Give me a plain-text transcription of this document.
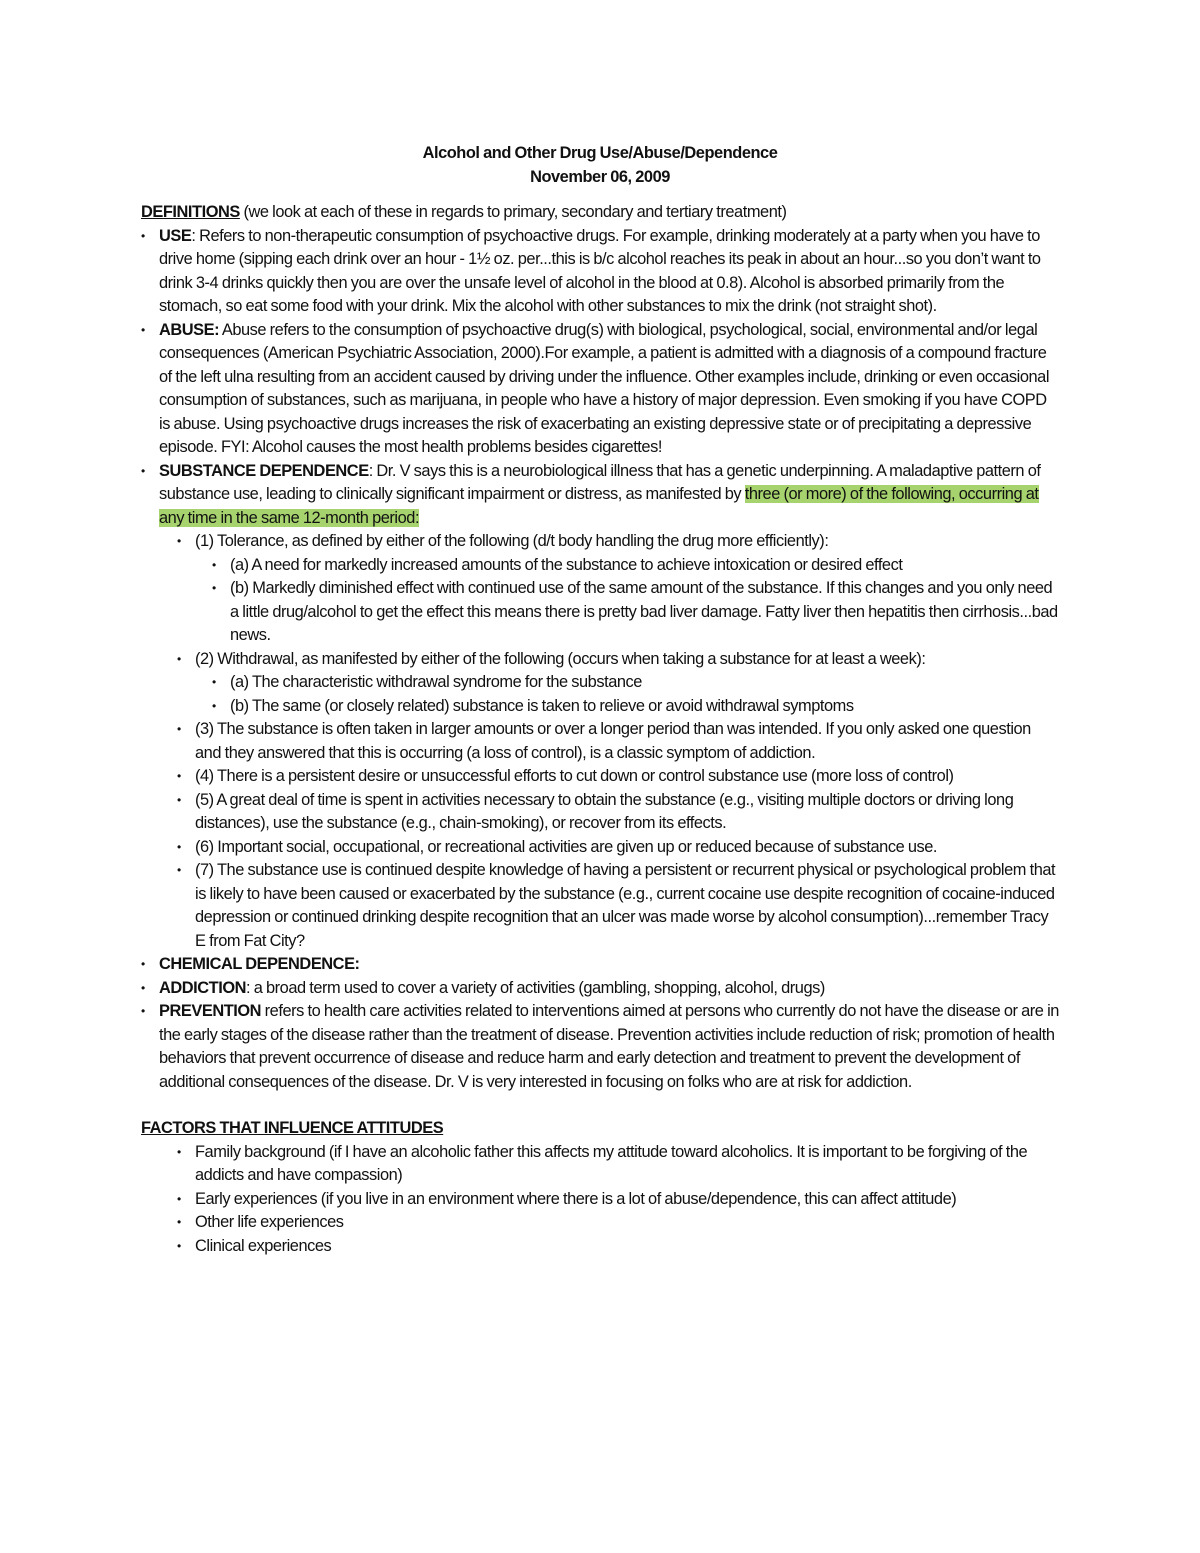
Alcohol and Other Drug Use/Abuse/Dependence
November 06, 2009
DEFINITIONS (we look at each of these in regards to primary, secondary and tertiary treatment)
• USE: Refers to non-therapeutic consumption of psychoactive drugs. For example, drinking moderately at a party when you have to drive home (sipping each drink over an hour - 1½ oz. per...this is b/c alcohol reaches its peak in about an hour...so you don’t want to drink 3-4 drinks quickly then you are over the unsafe level of alcohol in the blood at 0.8). Alcohol is absorbed primarily from the stomach, so eat some food with your drink. Mix the alcohol with other substances to mix the drink (not straight shot).
• ABUSE: Abuse refers to the consumption of psychoactive drug(s) with biological, psychological, social, environmental and/or legal consequences (American Psychiatric Association, 2000).For example, a patient is admitted with a diagnosis of a compound fracture of the left ulna resulting from an accident caused by driving under the influence. Other examples include, drinking or even occasional consumption of substances, such as marijuana, in people who have a history of major depression. Even smoking if you have COPD is abuse. Using psychoactive drugs increases the risk of exacerbating an existing depressive state or of precipitating a depressive episode. FYI: Alcohol causes the most health problems besides cigarettes!
• SUBSTANCE DEPENDENCE: Dr. V says this is a neurobiological illness that has a genetic underpinning. A maladaptive pattern of substance use, leading to clinically significant impairment or distress, as manifested by three (or more) of the following, occurring at any time in the same 12-month period:
• (1) Tolerance, as defined by either of the following (d/t body handling the drug more efficiently):
• (a) A need for markedly increased amounts of the substance to achieve intoxication or desired effect
• (b) Markedly diminished effect with continued use of the same amount of the substance. If this changes and you only need a little drug/alcohol to get the effect this means there is pretty bad liver damage. Fatty liver then hepatitis then cirrhosis...bad news.
• (2) Withdrawal, as manifested by either of the following (occurs when taking a substance for at least a week):
• (a) The characteristic withdrawal syndrome for the substance
• (b) The same (or closely related) substance is taken to relieve or avoid withdrawal symptoms
• (3) The substance is often taken in larger amounts or over a longer period than was intended. If you only asked one question and they answered that this is occurring (a loss of control), is a classic symptom of addiction.
• (4) There is a persistent desire or unsuccessful efforts to cut down or control substance use (more loss of control)
• (5) A great deal of time is spent in activities necessary to obtain the substance (e.g., visiting multiple doctors or driving long distances), use the substance (e.g., chain-smoking), or recover from its effects.
• (6) Important social, occupational, or recreational activities are given up or reduced because of substance use.
• (7) The substance use is continued despite knowledge of having a persistent or recurrent physical or psychological problem that is likely to have been caused or exacerbated by the substance (e.g., current cocaine use despite recognition of cocaine-induced depression or continued drinking despite recognition that an ulcer was made worse by alcohol consumption)...remember Tracy E from Fat City?
• CHEMICAL DEPENDENCE:
• ADDICTION: a broad term used to cover a variety of activities (gambling, shopping, alcohol, drugs)
• PREVENTION refers to health care activities related to interventions aimed at persons who currently do not have the disease or are in the early stages of the disease rather than the treatment of disease. Prevention activities include reduction of risk; promotion of health behaviors that prevent occurrence of disease and reduce harm and early detection and treatment to prevent the development of additional consequences of the disease. Dr. V is very interested in focusing on folks who are at risk for addiction.
FACTORS THAT INFLUENCE ATTITUDES
• Family background (if I have an alcoholic father this affects my attitude toward alcoholics. It is important to be forgiving of the addicts and have compassion)
• Early experiences (if you live in an environment where there is a lot of abuse/dependence, this can affect attitude)
• Other life experiences
• Clinical experiences
